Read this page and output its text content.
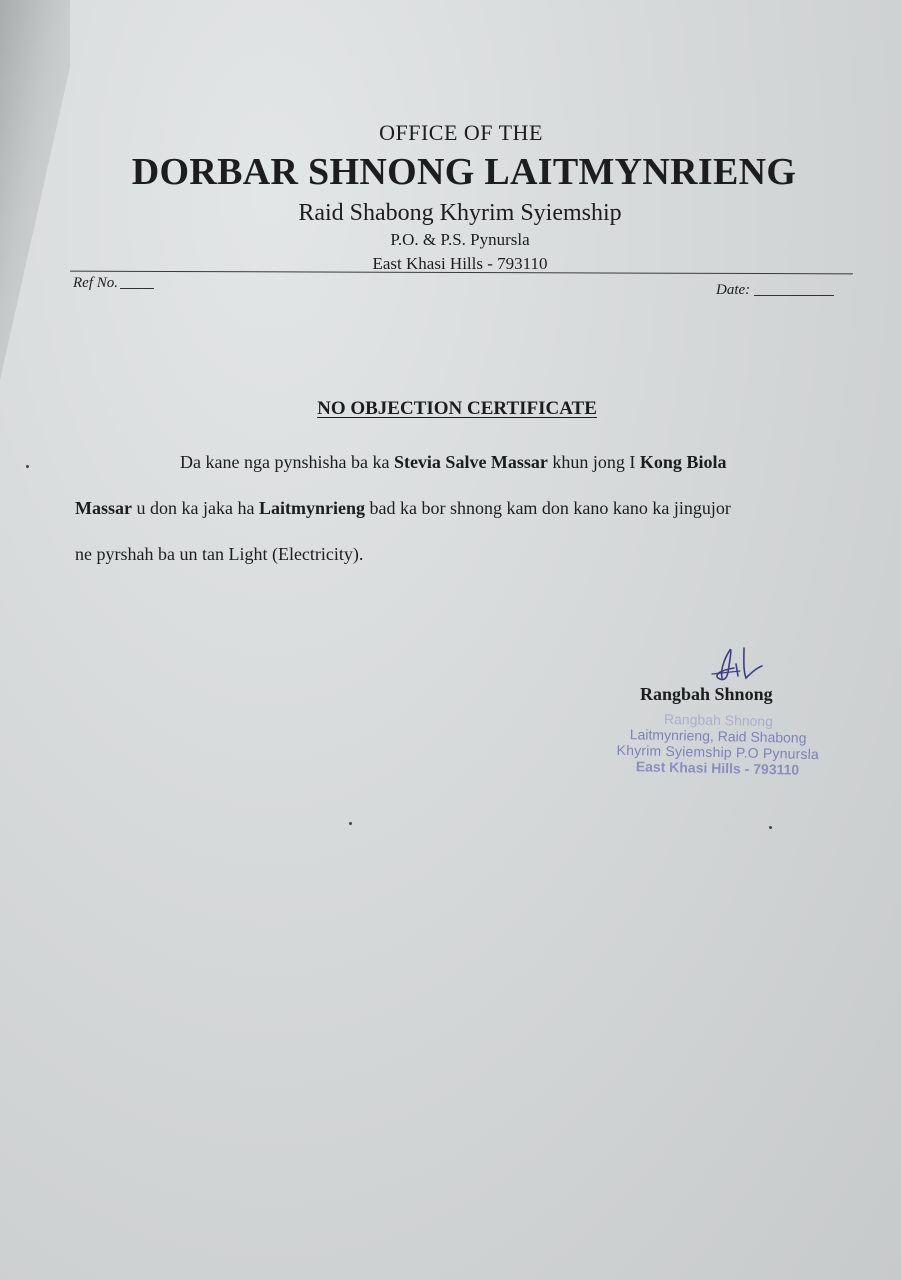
OFFICE OF THE
DORBAR SHNONG LAITMYNRIENG
Raid Shabong Khyrim Syiemship
P.O. & P.S. Pynursla
East Khasi Hills - 793110
Ref No.	Date:
NO OBJECTION CERTIFICATE
Da kane nga pynshisha ba ka Stevia Salve Massar khun jong I Kong Biola
Massar u don ka jaka ha Laitmynrieng bad ka bor shnong kam don kano kano ka jingujor
ne pyrshah ba un tan Light (Electricity).
Rangbah Shnong
Rangbah Shnong
Laitmynrieng, Raid Shabong
Khyrim Syiemship P.O Pynursla
East Khasi Hills - 793110
